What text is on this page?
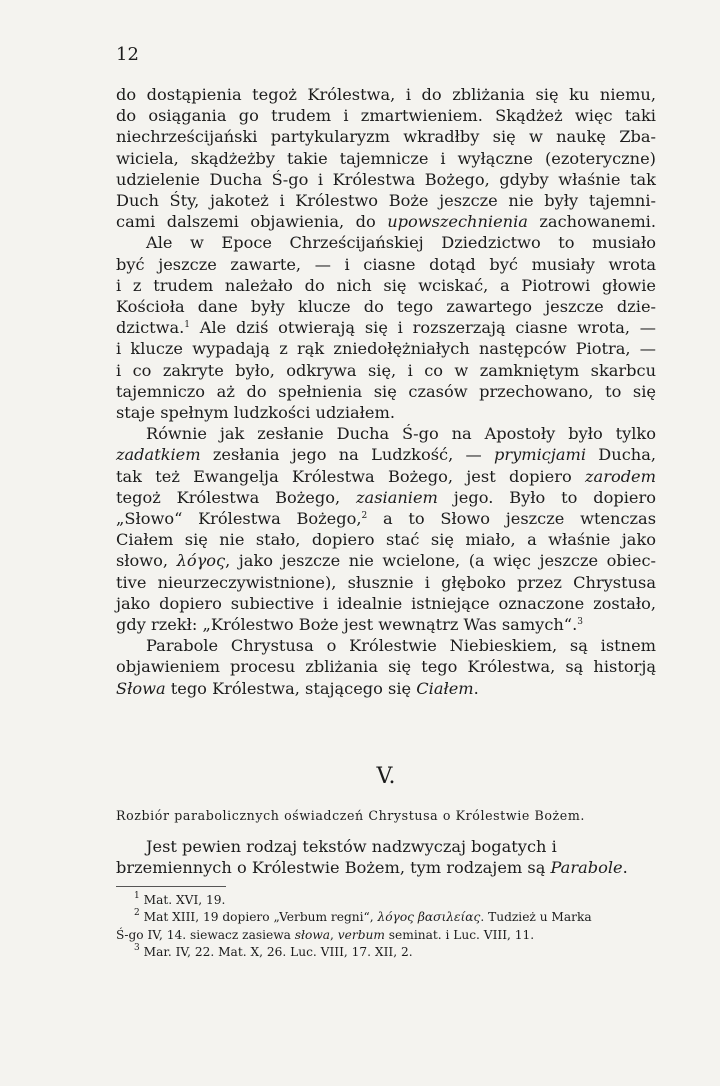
12

do dostąpienia tegoż Królestwa, i do zbliżania się ku niemu,
do osiągania go trudem i zmartwieniem. Skądżeż więc taki
niechrześcijański partykularyzm wkradłby się w naukę Zba-
wiciela, skądżeżby takie tajemnicze i wyłączne (ezoteryczne)
udzielenie Ducha Ś-go i Królestwa Bożego, gdyby właśnie tak
Duch Śty, jakoteż i Królestwo Boże jeszcze nie były tajemni-
cami dalszemi objawienia, do upowszechnienia zachowanemi.

Ale w Epoce Chrześcijańskiej Dziedzictwo to musiało
być jeszcze zawarte, — i ciasne dotąd być musiały wrota
i z trudem należało do nich się wciskać, a Piotrowi głowie
Kościoła dane były klucze do tego zawartego jeszcze dzie-
dzictwa.$^1$ Ale dziś otwierają się i rozszerzają ciasne wrota, —
i klucze wypadają z rąk zniedołężniałych następców Piotra, —
i co zakryte było, odkrywa się, i co w zamkniętym skarbcu
tajemniczo aż do spełnienia się czasów przechowano, to się
staje spełnym ludzkości udziałem.

Równie jak zesłanie Ducha Ś-go na Apostoły było tylko
zadatkiem zesłania jego na Ludzkość, — prymicjami Ducha,
tak też Ewangelja Królestwa Bożego, jest dopiero zarodem
tegoż Królestwa Bożego, zasianiem jego. Było to dopiero
„Słowo“ Królestwa Bożego,$^2$ a to Słowo jeszcze wtenczas
Ciałem się nie stało, dopiero stać się miało, a właśnie jako
słowo, λόγος, jako jeszcze nie wcielone, (a więc jeszcze obiec-
tive nieurzeczywistnione), słusznie i głęboko przez Chrystusa
jako dopiero subiective i idealnie istniejące oznaczone zostało,
gdy rzekł: „Królestwo Boże jest wewnątrz Was samych“.$^3$

Parabole Chrystusa o Królestwie Niebieskiem, są istnem
objawieniem procesu zbliżania się tego Królestwa, są historją
Słowa tego Królestwa, stającego się Ciałem.

V.
Rozbiór parabolicznych oświadczeń Chrystusa o Królestwie Bożem.
Jest pewien rodzaj tekstów nadzwyczaj bogatych i brzemiennych o Królestwie Bożem, tym rodzajem są Parabole.
$^1$ Mat. XVI, 19.
$^2$ Mat XIII, 19 dopiero „Verbum regni“, λόγος βασιλείας. Tudzież u Marka
Ś-go IV, 14. siewacz zasiewa słowa, verbum seminat. i Luc. VIII, 11.
$^3$ Mar. IV, 22. Mat. X, 26. Luc. VIII, 17. XII, 2.
